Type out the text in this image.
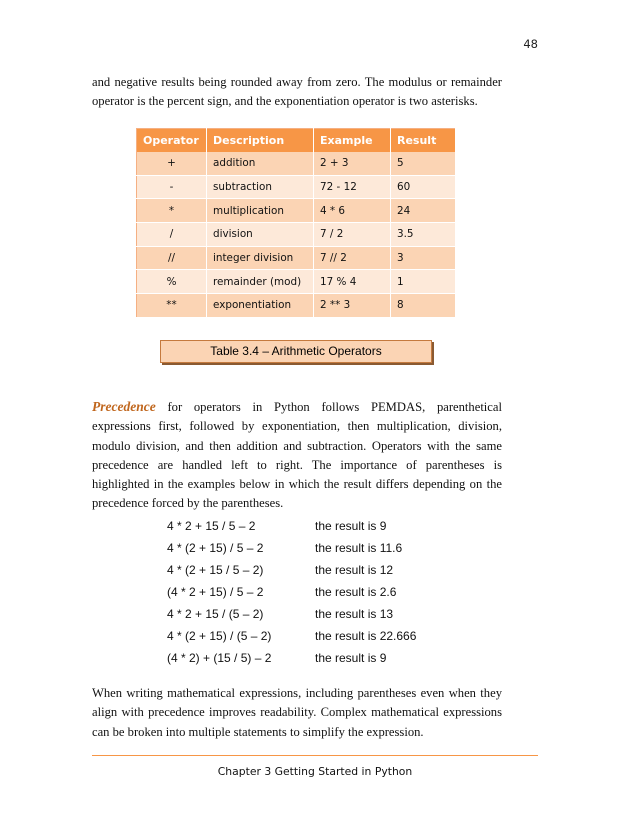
48

and negative results being rounded away from zero. The modulus or remainder operator is the percent sign, and the exponentiation operator is two asterisks.

Operator	Description	Example	Result
+	addition	2 + 3	5
-	subtraction	72 - 12	60
*	multiplication	4 * 6	24
/	division	7 / 2	3.5
//	integer division	7 // 2	3
%	remainder (mod)	17 % 4	1
**	exponentiation	2 ** 3	8
Table 3.4 – Arithmetic Operators

Precedence for operators in Python follows PEMDAS, parenthetical expressions first, followed by exponentiation, then multiplication, division, modulo division, and then addition and subtraction. Operators with the same precedence are handled left to right. The importance of parentheses is highlighted in the examples below in which the result differs depending on the precedence forced by the parentheses.

4 * 2 + 15 / 5 – 2	the result is 9
4 * (2 + 15) / 5 – 2	the result is 11.6
4 * (2 + 15 / 5 – 2)	the result is 12
(4 * 2 + 15) / 5 – 2	the result is 2.6
4 * 2 + 15 / (5 – 2)	the result is 13
4 * (2 + 15) / (5 – 2)	the result is 22.666
(4 * 2) + (15 / 5) – 2	the result is 9

When writing mathematical expressions, including parentheses even when they align with precedence improves readability. Complex mathematical expressions can be broken into multiple statements to simplify the expression.

Chapter 3 Getting Started in Python
